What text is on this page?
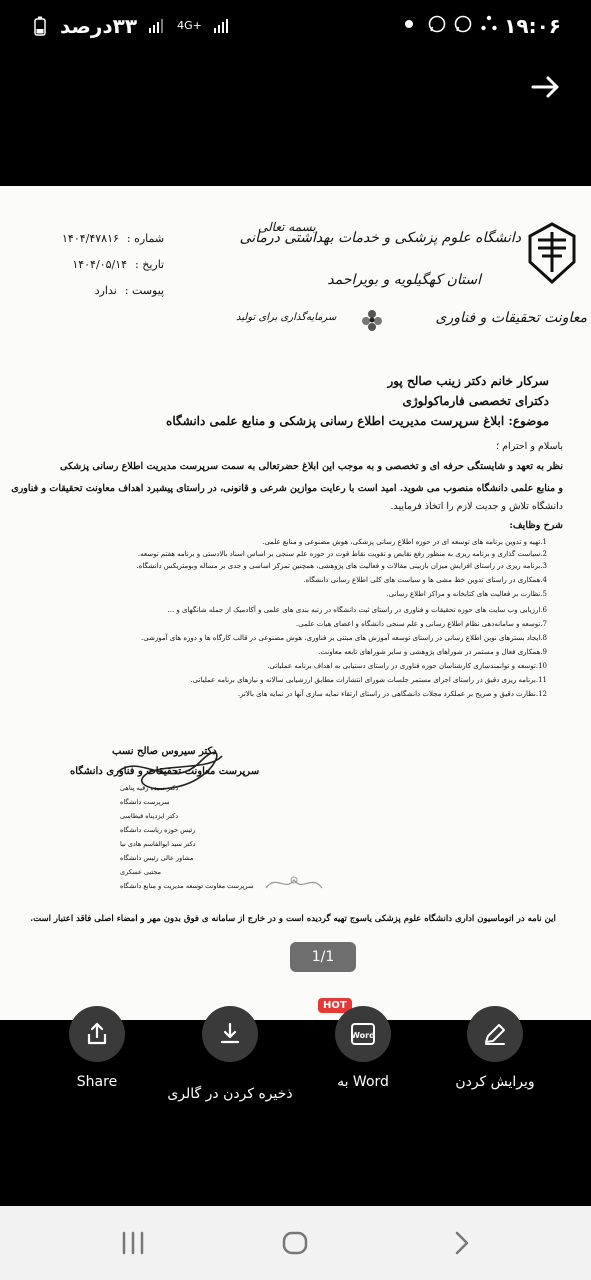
۳۳درصد	4G+	۱۹:۰۶
دانشگاه علوم پزشکی و خدمات بهداشتی درمانی
استان کهگیلویه و بویراحمد
معاونت تحقیقات و فناوری
بسمه تعالی
شماره :
۱۴۰۴/۴۷۸۱۶
تاریخ :
۱۴۰۴/۰۵/۱۴
پیوست :
ندارد
سرمایه‌گذاری برای تولید
سرکار خانم دکتر زینب صالح پور
دکترای تخصصی فارماکولوژی
موضوع: ابلاغ سرپرست مدیریت اطلاع رسانی پزشکی و منابع علمی دانشگاه
باسلام و احترام ؛
نظر به تعهد و شایستگی حرفه ای و تخصصی و به موجب این ابلاغ حضرتعالی به سمت سرپرست مدیریت اطلاع رسانی پزشکی
و منابع علمی دانشگاه منصوب می شوید. امید است با رعایت موازین شرعی و قانونی، در راستای پیشبرد اهداف معاونت تحقیقات و فناوری
دانشگاه تلاش و جدیت لازم را اتخاذ فرمایید.
شرح وظایف:
1.تهیه و تدوین برنامه های توسعه ای در حوزه اطلاع رسانی پزشکی، هوش مصنوعی و منابع علمی.
2.سیاست گذاری و برنامه ریزی به منظور رفع نقایص و تقویت نقاط قوت در حوزه علم سنجی بر اساس اسناد بالادستی و برنامه هفتم توسعه.
3.برنامه ریزی در راستای افزایش میزان بازبینی مقالات و فعالیت های پژوهشی، همچنین تمرکز اساسی و جدی بر مساله وبومتریکس دانشگاه.
4.همکاری در راستای تدوین خط مشی ها و سیاست های کلی اطلاع رسانی دانشگاه.
5.نظارت بر فعالیت های کتابخانه و مراکز اطلاع رسانی.
6.ارزیابی وب سایت های حوزه تحقیقات و فناوری در راستای ثبت دانشگاه در رتبه بندی های علمی و آکادمیک از جمله شانگهای و ...
7.توسعه و سامانه‌دهی نظام اطلاع رسانی و علم سنجی دانشگاه و اعضای هیات علمی.
8.ایجاد بسترهای نوین اطلاع رسانی در راستای توسعه آموزش های مبتنی بر فناوری، هوش مصنوعی در قالب کارگاه ها و دوره های آموزشی.
9.همکاری فعال و مستمر در شوراهای پژوهشی و سایر شوراهای تابعه معاونت.
10.توسعه و توانمندسازی کارشناسان حوزه فناوری در راستای دستیابی به اهداف برنامه عملیاتی.
11.برنامه ریزی دقیق در راستای اجرای مستمر جلسات شورای انتشارات مطابق ارزشیابی سالانه و نیازهای برنامه عملیاتی.
12.نظارت دقیق و صریح بر عملکرد مجلات دانشگاهی در راستای ارتقاء نمایه سازی آنها در نمایه های بالاتر.
دکتر سیروس صالح نسب
سرپرست معاونت تحقیقات و فناوری دانشگاه
دکتر سیده رقیه پناهی
سرپرست دانشگاه
دکتر ایزدپناه قیطاسی
رئیس حوزه ریاست دانشگاه
دکتر سید ابوالقاسم هادی نیا
مشاور عالی رئیس دانشگاه
مجتبی عسکری
سرپرست معاونت توسعه مدیریت و منابع دانشگاه
این نامه در اتوماسیون اداری دانشگاه علوم پزشکی یاسوج تهیه گردیده است و در خارج از سامانه ی فوق بدون مهر و امضاء اصلی فاقد اعتبار است.
1/1
Share
ذخیره کردن در گالری
HOT
Word
به Word	ویرایش کردن
